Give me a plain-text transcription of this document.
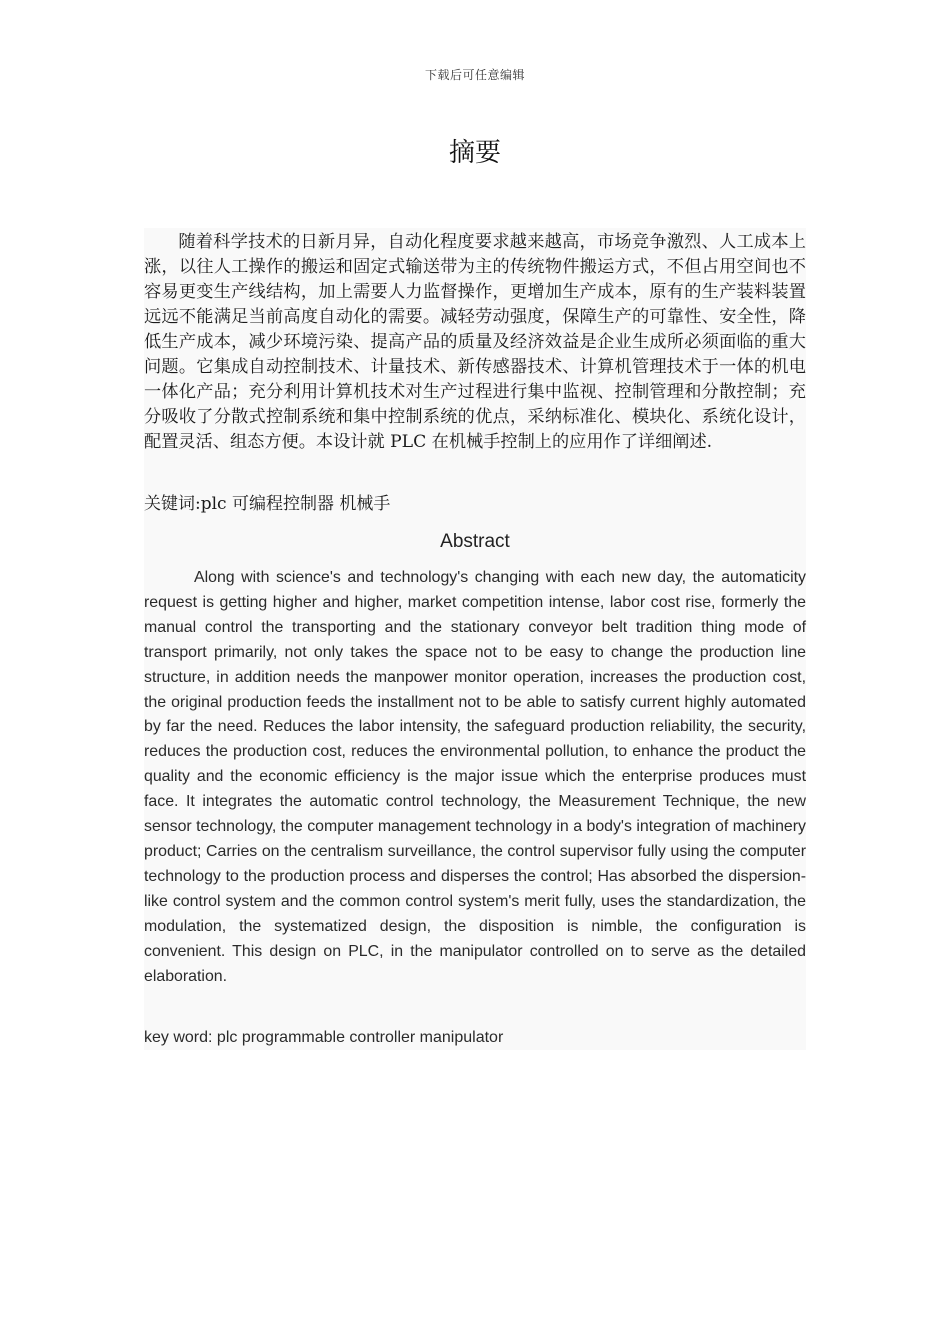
下载后可任意编辑
摘要

随着科学技术的日新月异，自动化程度要求越来越高，市场竞争激烈、人工成本上涨，以往人工操作的搬运和固定式输送带为主的传统物件搬运方式，不但占用空间也不容易更变生产线结构，加上需要人力监督操作，更增加生产成本，原有的生产装料装置远远不能满足当前高度自动化的需要。减轻劳动强度，保障生产的可靠性、安全性，降低生产成本，减少环境污染、提高产品的质量及经济效益是企业生成所必须面临的重大问题。它集成自动控制技术、计量技术、新传感器技术、计算机管理技术于一体的机电一体化产品；充分利用计算机技术对生产过程进行集中监视、控制管理和分散控制；充分吸收了分散式控制系统和集中控制系统的优点，采纳标准化、模块化、系统化设计，配置灵活、组态方便。本设计就 PLC 在机械手控制上的应用作了详细阐述.

关键词:plc 可编程控制器 机械手

Abstract

Along with science's and technology's changing with each new day, the automaticity request is getting higher and higher, market competition intense, labor cost rise, formerly the manual control the transporting and the stationary conveyor belt tradition thing mode of transport primarily, not only takes the space not to be easy to change the production line structure, in addition needs the manpower monitor operation, increases the production cost, the original production feeds the installment not to be able to satisfy current highly automated by far the need. Reduces the labor intensity, the safeguard production reliability, the security, reduces the production cost, reduces the environmental pollution, to enhance the product the quality and the economic efficiency is the major issue which the enterprise produces must face. It integrates the automatic control technology, the Measurement Technique, the new sensor technology, the computer management technology in a body's integration of machinery product; Carries on the centralism surveillance, the control supervisor fully using the computer technology to the production process and disperses the control; Has absorbed the dispersion-like control system and the common control system's merit fully, uses the standardization, the modulation, the systematized design, the disposition is nimble, the configuration is convenient. This design on PLC, in the manipulator controlled on to serve as the detailed elaboration.

key word: plc programmable controller manipulator
